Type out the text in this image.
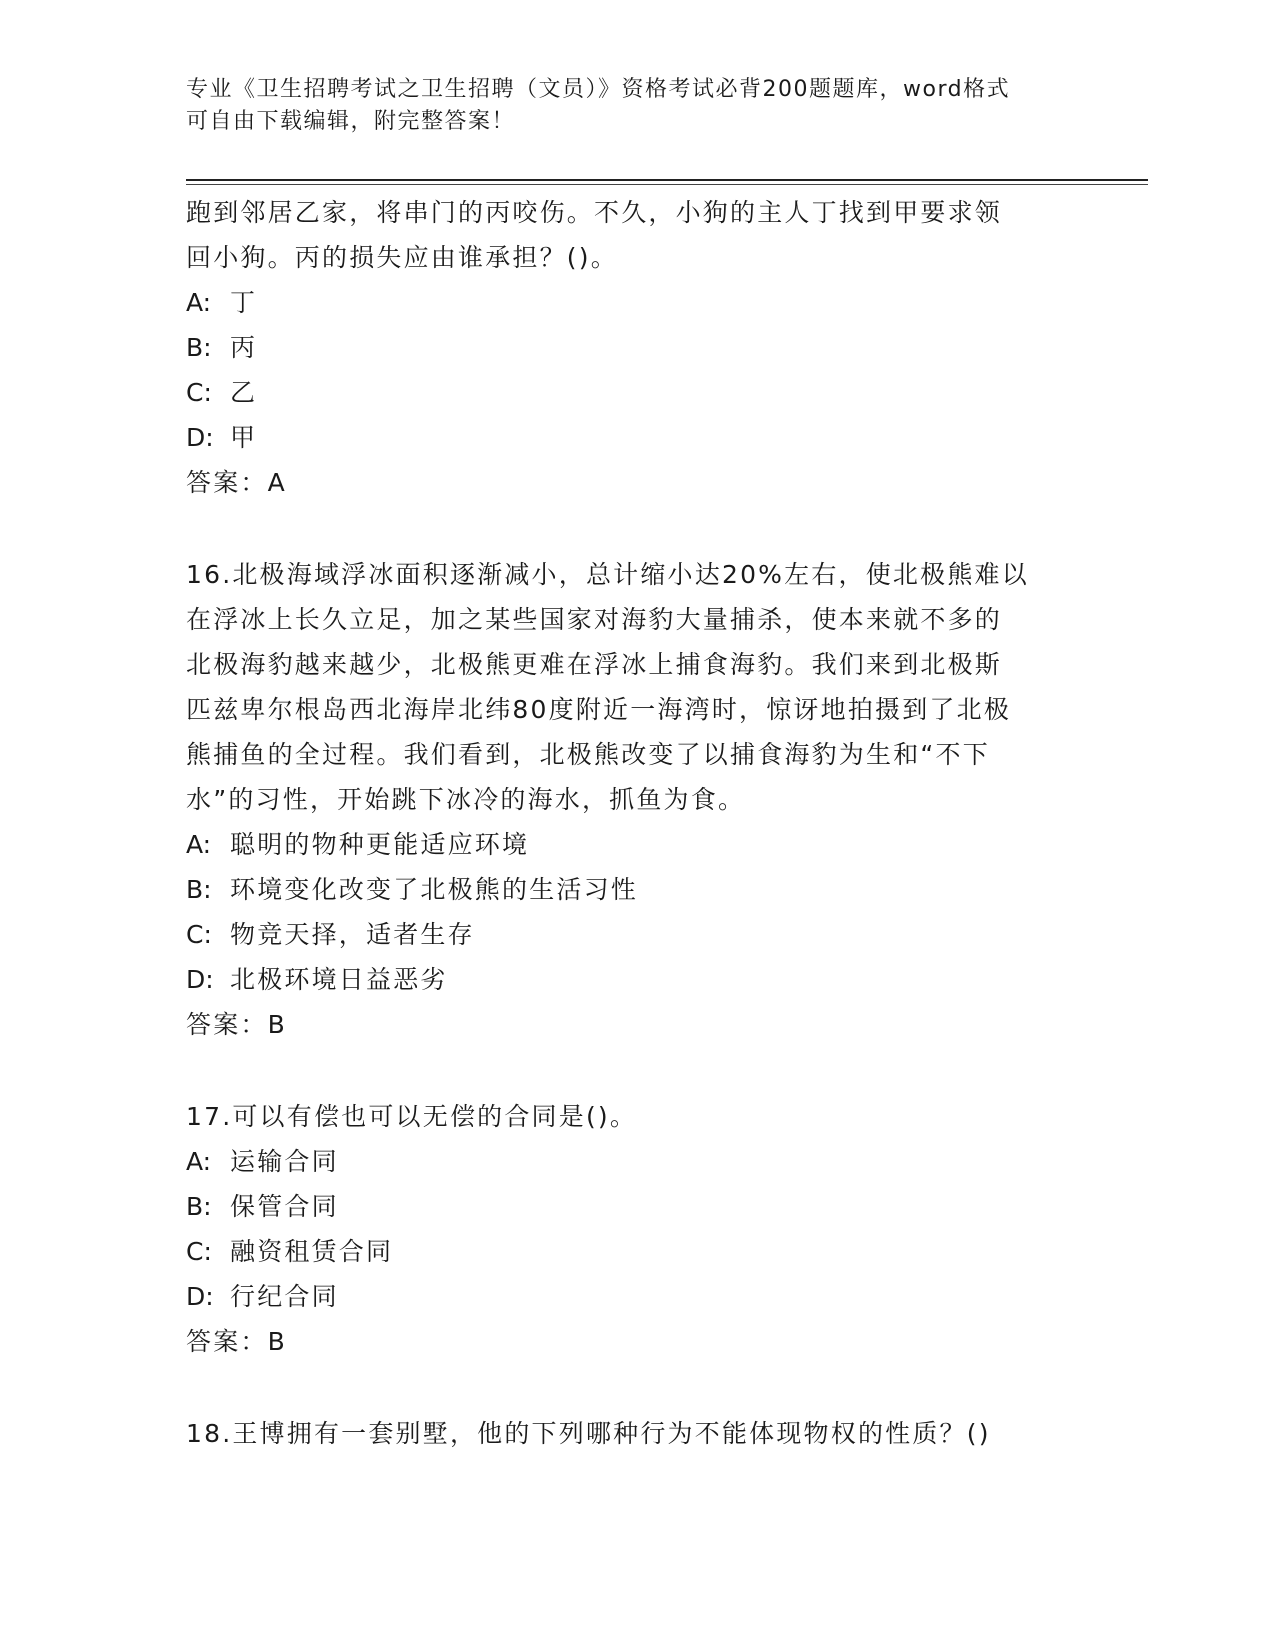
专业《卫生招聘考试之卫生招聘（文员）》资格考试必背200题题库，word格式
可自由下载编辑，附完整答案！

跑到邻居乙家，将串门的丙咬伤。不久，小狗的主人丁找到甲要求领

回小狗。丙的损失应由谁承担？()。

A: 丁

B: 丙

C: 乙

D: 甲

答案：A

16.北极海域浮冰面积逐渐减小，总计缩小达20%左右，使北极熊难以

在浮冰上长久立足，加之某些国家对海豹大量捕杀，使本来就不多的

北极海豹越来越少，北极熊更难在浮冰上捕食海豹。我们来到北极斯

匹兹卑尔根岛西北海岸北纬80度附近一海湾时，惊讶地拍摄到了北极

熊捕鱼的全过程。我们看到，北极熊改变了以捕食海豹为生和“不下

水”的习性，开始跳下冰冷的海水，抓鱼为食。

A: 聪明的物种更能适应环境

B: 环境变化改变了北极熊的生活习性

C: 物竞天择，适者生存

D: 北极环境日益恶劣

答案：B

17.可以有偿也可以无偿的合同是()。

A: 运输合同

B: 保管合同

C: 融资租赁合同

D: 行纪合同

答案：B

18.王博拥有一套别墅，他的下列哪种行为不能体现物权的性质？()
